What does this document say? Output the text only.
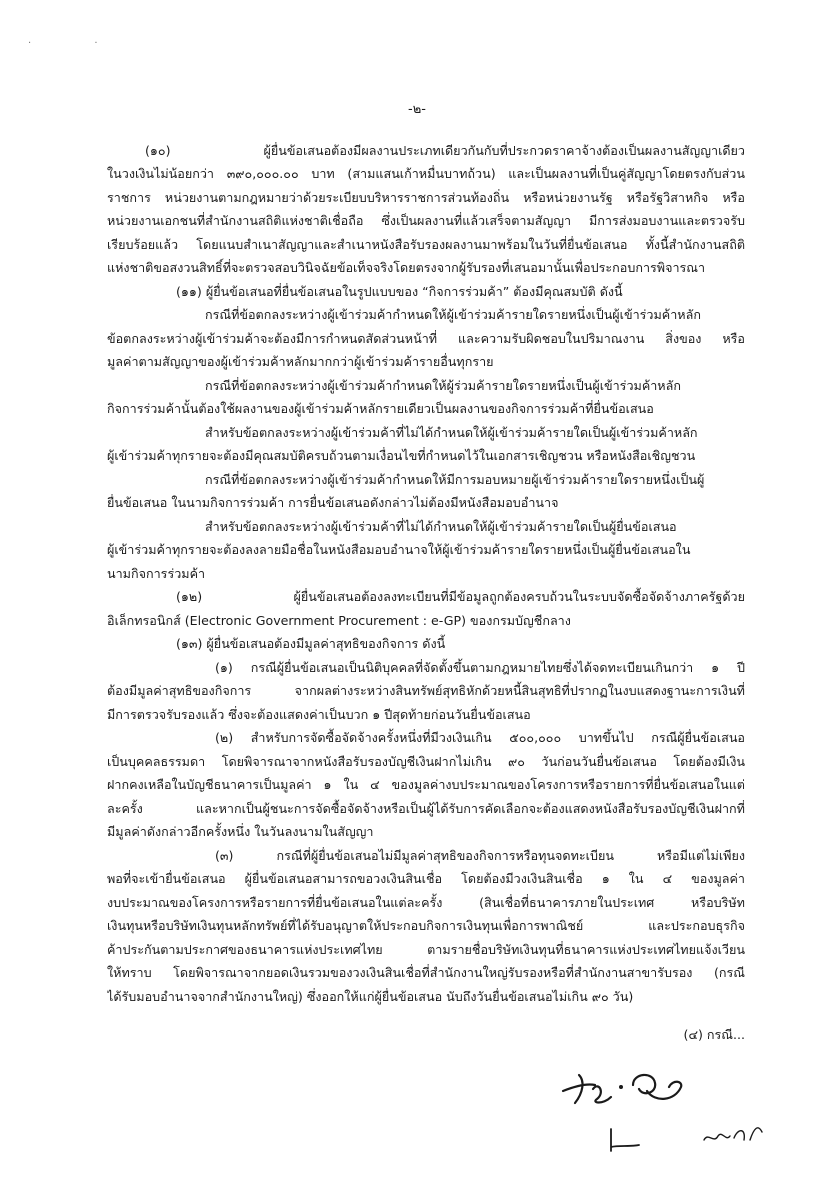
· ·
-๒-
(๑๐) ผู้ยื่นข้อเสนอต้องมีผลงานประเภทเดียวกันกับที่ประกวดราคาจ้างต้องเป็นผลงานสัญญาเดียว
ในวงเงินไม่น้อยกว่า ๓๙๐,๐๐๐.๐๐ บาท (สามแสนเก้าหมื่นบาทถ้วน) และเป็นผลงานที่เป็นคู่สัญญาโดยตรงกับส่วน
ราชการ หน่วยงานตามกฎหมายว่าด้วยระเบียบบริหารราชการส่วนท้องถิ่น หรือหน่วยงานรัฐ หรือรัฐวิสาหกิจ หรือ
หน่วยงานเอกชนที่สำนักงานสถิติแห่งชาติเชื่อถือ ซึ่งเป็นผลงานที่แล้วเสร็จตามสัญญา มีการส่งมอบงานและตรวจรับ
เรียบร้อยแล้ว โดยแนบสำเนาสัญญาและสำเนาหนังสือรับรองผลงานมาพร้อมในวันที่ยื่นข้อเสนอ ทั้งนี้สำนักงานสถิติ
แห่งชาติขอสงวนสิทธิ์ที่จะตรวจสอบวินิจฉัยข้อเท็จจริงโดยตรงจากผู้รับรองที่เสนอมานั้นเพื่อประกอบการพิจารณา
(๑๑) ผู้ยื่นข้อเสนอที่ยื่นข้อเสนอในรูปแบบของ “กิจการร่วมค้า” ต้องมีคุณสมบัติ ดังนี้
กรณีที่ข้อตกลงระหว่างผู้เข้าร่วมค้ากำหนดให้ผู้เข้าร่วมค้ารายใดรายหนึ่งเป็นผู้เข้าร่วมค้าหลัก
ข้อตกลงระหว่างผู้เข้าร่วมค้าจะต้องมีการกำหนดสัดส่วนหน้าที่ และความรับผิดชอบในปริมาณงาน สิ่งของ หรือ
มูลค่าตามสัญญาของผู้เข้าร่วมค้าหลักมากกว่าผู้เข้าร่วมค้ารายอื่นทุกราย
กรณีที่ข้อตกลงระหว่างผู้เข้าร่วมค้ากำหนดให้ผู้ร่วมค้ารายใดรายหนึ่งเป็นผู้เข้าร่วมค้าหลัก
กิจการร่วมค้านั้นต้องใช้ผลงานของผู้เข้าร่วมค้าหลักรายเดียวเป็นผลงานของกิจการร่วมค้าที่ยื่นข้อเสนอ
สำหรับข้อตกลงระหว่างผู้เข้าร่วมค้าที่ไม่ได้กำหนดให้ผู้เข้าร่วมค้ารายใดเป็นผู้เข้าร่วมค้าหลัก
ผู้เข้าร่วมค้าทุกรายจะต้องมีคุณสมบัติครบถ้วนตามเงื่อนไขที่กำหนดไว้ในเอกสารเชิญชวน หรือหนังสือเชิญชวน
กรณีที่ข้อตกลงระหว่างผู้เข้าร่วมค้ากำหนดให้มีการมอบหมายผู้เข้าร่วมค้ารายใดรายหนึ่งเป็นผู้
ยื่นข้อเสนอ ในนามกิจการร่วมค้า การยื่นข้อเสนอดังกล่าวไม่ต้องมีหนังสือมอบอำนาจ
สำหรับข้อตกลงระหว่างผู้เข้าร่วมค้าที่ไม่ได้กำหนดให้ผู้เข้าร่วมค้ารายใดเป็นผู้ยื่นข้อเสนอ
ผู้เข้าร่วมค้าทุกรายจะต้องลงลายมือชื่อในหนังสือมอบอำนาจให้ผู้เข้าร่วมค้ารายใดรายหนึ่งเป็นผู้ยื่นข้อเสนอใน
นามกิจการร่วมค้า
(๑๒) ผู้ยื่นข้อเสนอต้องลงทะเบียนที่มีข้อมูลถูกต้องครบถ้วนในระบบจัดซื้อจัดจ้างภาครัฐด้วย
อิเล็กทรอนิกส์ (Electronic Government Procurement : e-GP) ของกรมบัญชีกลาง
(๑๓) ผู้ยื่นข้อเสนอต้องมีมูลค่าสุทธิของกิจการ ดังนี้
(๑) กรณีผู้ยื่นข้อเสนอเป็นนิติบุคคลที่จัดตั้งขึ้นตามกฎหมายไทยซึ่งได้จดทะเบียนเกินกว่า ๑ ปี
ต้องมีมูลค่าสุทธิของกิจการ จากผลต่างระหว่างสินทรัพย์สุทธิหักด้วยหนี้สินสุทธิที่ปรากฏในงบแสดงฐานะการเงินที่
มีการตรวจรับรองแล้ว ซึ่งจะต้องแสดงค่าเป็นบวก ๑ ปีสุดท้ายก่อนวันยื่นข้อเสนอ
(๒) สำหรับการจัดซื้อจัดจ้างครั้งหนึ่งที่มีวงเงินเกิน ๕๐๐,๐๐๐ บาทขึ้นไป กรณีผู้ยื่นข้อเสนอ
เป็นบุคคลธรรมดา โดยพิจารณาจากหนังสือรับรองบัญชีเงินฝากไม่เกิน ๙๐ วันก่อนวันยื่นข้อเสนอ โดยต้องมีเงิน
ฝากคงเหลือในบัญชีธนาคารเป็นมูลค่า ๑ ใน ๔ ของมูลค่างบประมาณของโครงการหรือรายการที่ยื่นข้อเสนอในแต่
ละครั้ง และหากเป็นผู้ชนะการจัดซื้อจัดจ้างหรือเป็นผู้ได้รับการคัดเลือกจะต้องแสดงหนังสือรับรองบัญชีเงินฝากที่
มีมูลค่าดังกล่าวอีกครั้งหนึ่ง ในวันลงนามในสัญญา
(๓) กรณีที่ผู้ยื่นข้อเสนอไม่มีมูลค่าสุทธิของกิจการหรือทุนจดทะเบียน หรือมีแต่ไม่เพียง
พอที่จะเข้ายื่นข้อเสนอ ผู้ยื่นข้อเสนอสามารถขอวงเงินสินเชื่อ โดยต้องมีวงเงินสินเชื่อ ๑ ใน ๔ ของมูลค่า
งบประมาณของโครงการหรือรายการที่ยื่นข้อเสนอในแต่ละครั้ง (สินเชื่อที่ธนาคารภายในประเทศ หรือบริษัท
เงินทุนหรือบริษัทเงินทุนหลักทรัพย์ที่ได้รับอนุญาตให้ประกอบกิจการเงินทุนเพื่อการพาณิชย์ และประกอบธุรกิจ
ค้าประกันตามประกาศของธนาคารแห่งประเทศไทย ตามรายชื่อบริษัทเงินทุนที่ธนาคารแห่งประเทศไทยแจ้งเวียน
ให้ทราบ โดยพิจารณาจากยอดเงินรวมของวงเงินสินเชื่อที่สำนักงานใหญ่รับรองหรือที่สำนักงานสาขารับรอง (กรณี
ได้รับมอบอำนาจจากสำนักงานใหญ่) ซึ่งออกให้แก่ผู้ยื่นข้อเสนอ นับถึงวันยื่นข้อเสนอไม่เกิน ๙๐ วัน)
(๔) กรณี...
